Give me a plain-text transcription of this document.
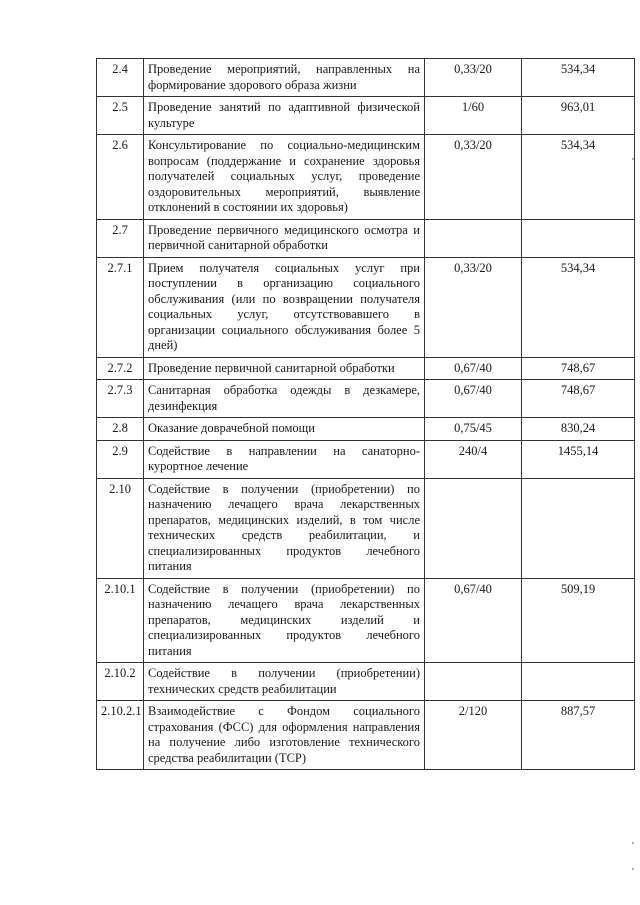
2.4	Проведение мероприятий, направленных на формирование здорового образа жизни	0,33/20	534,34
2.5	Проведение занятий по адаптивной физической культуре	1/60	963,01
2.6	Консультирование по социально-медицинским вопросам (поддержание и сохранение здоровья получателей социальных услуг, проведение оздоровительных мероприятий, выявление отклонений в состоянии их здоровья)	0,33/20	534,34
2.7	Проведение первичного медицинского осмотра и первичной санитарной обработки		
2.7.1	Прием получателя социальных услуг при поступлении в организацию социального обслуживания (или по возвращении получателя социальных услуг, отсутствовавшего в организации социального обслуживания более 5 дней)	0,33/20	534,34
2.7.2	Проведение первичной санитарной обработки	0,67/40	748,67
2.7.3	Санитарная обработка одежды в дезкамере, дезинфекция	0,67/40	748,67
2.8	Оказание доврачебной помощи	0,75/45	830,24
2.9	Содействие в направлении на санаторно-курортное лечение	240/4	1455,14
2.10	Содействие в получении (приобретении) по назначению лечащего врача лекарственных препаратов, медицинских изделий, в том числе технических средств реабилитации, и специализированных продуктов лечебного питания		
2.10.1	Содействие в получении (приобретении) по назначению лечащего врача лекарственных препаратов, медицинских изделий и специализированных продуктов лечебного питания	0,67/40	509,19
2.10.2	Содействие в получении (приобретении) технических средств реабилитации		
2.10.2.1	Взаимодействие с Фондом социального страхования (ФСС) для оформления направления на получение либо изготовление технического средства реабилитации (ТСР)	2/120	887,57
